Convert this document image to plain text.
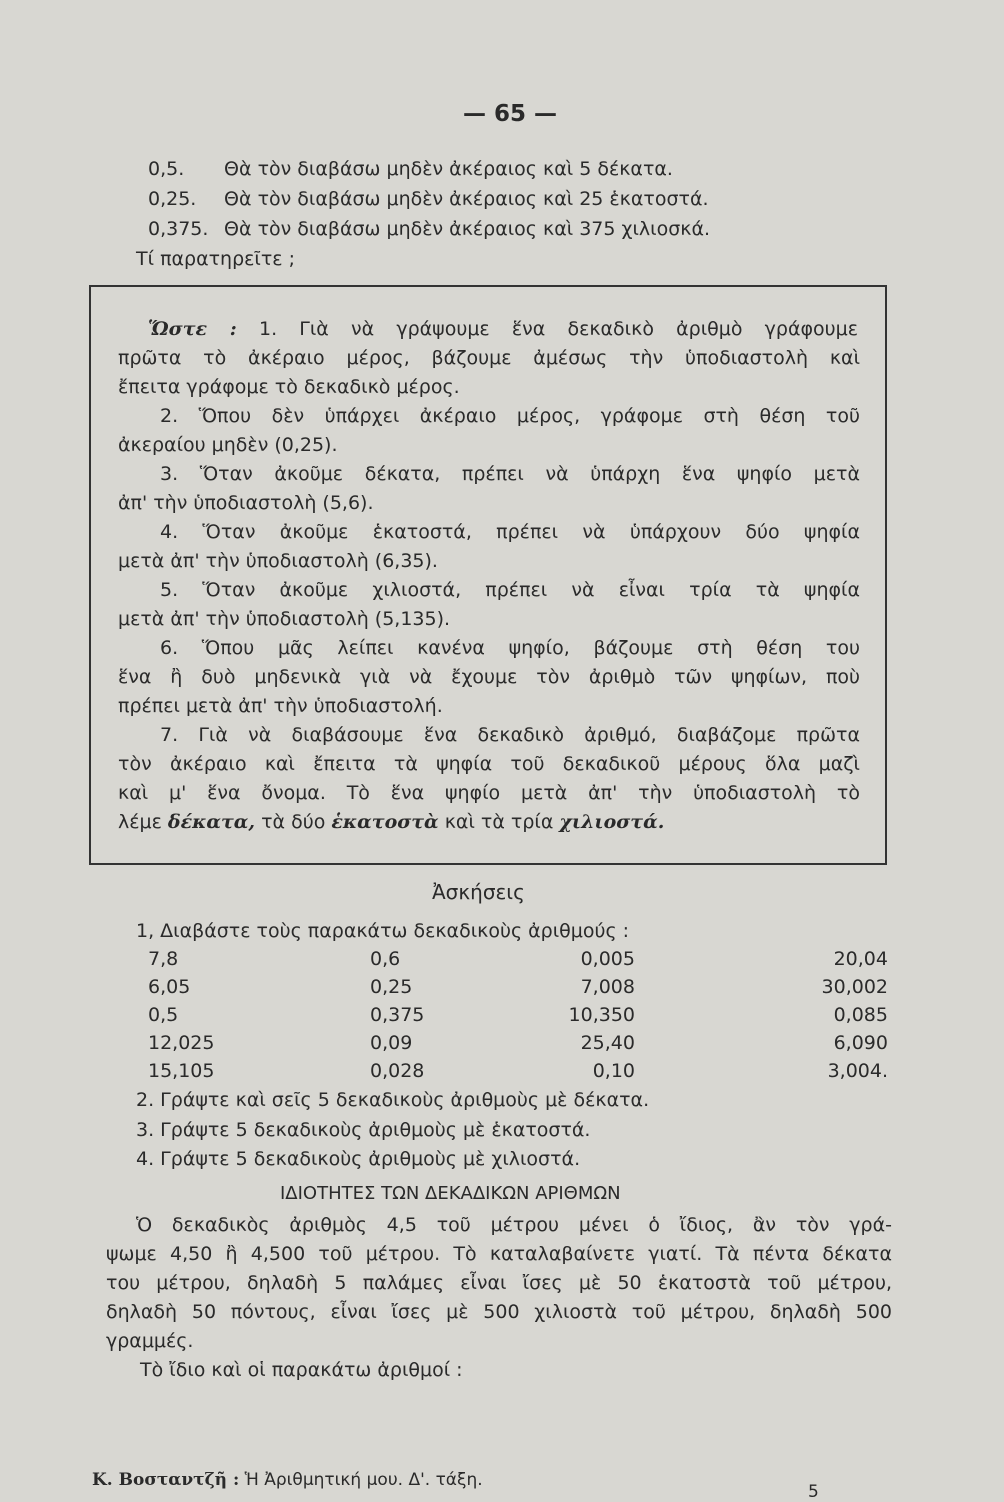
— 65 —
0,5. Θὰ τὸν διαβάσω μηδὲν ἀκέραιος καὶ 5 δέκατα.
0,25. Θὰ τὸν διαβάσω μηδὲν ἀκέραιος καὶ 25 ἑκατοστά.
0,375. Θὰ τὸν διαβάσω μηδὲν ἀκέραιος καὶ 375 χιλιοσκά.
Τί παρατηρεῖτε ;
Ὥστε : 1. Γιὰ νὰ γράψουμε ἕνα δεκαδικὸ ἀριθμὸ γράφουμε
πρῶτα τὸ ἀκέραιο μέρος, βάζουμε ἀμέσως τὴν ὑποδιαστολὴ καὶ
ἔπειτα γράφομε τὸ δεκαδικὸ μέρος.
2. Ὅπου δὲν ὑπάρχει ἀκέραιο μέρος, γράφομε στὴ θέση τοῦ
ἀκεραίου μηδὲν (0,25).
3. Ὅταν ἀκοῦμε δέκατα, πρέπει νὰ ὑπάρχη ἕνα ψηφίο μετὰ
ἀπ' τὴν ὑποδιαστολὴ (5,6).
4. Ὅταν ἀκοῦμε ἑκατοστά, πρέπει νὰ ὑπάρχουν δύο ψηφία
μετὰ ἀπ' τὴν ὑποδιαστολὴ (6,35).
5. Ὅταν ἀκοῦμε χιλιοστά, πρέπει νὰ εἶναι τρία τὰ ψηφία
μετὰ ἀπ' τὴν ὑποδιαστολὴ (5,135).
6. Ὅπου μᾶς λείπει κανένα ψηφίο, βάζουμε στὴ θέση του
ἕνα ἢ δυὸ μηδενικὰ γιὰ νὰ ἔχουμε τὸν ἀριθμὸ τῶν ψηφίων, ποὺ
πρέπει μετὰ ἀπ' τὴν ὑποδιαστολή.
7. Γιὰ νὰ διαβάσουμε ἕνα δεκαδικὸ ἀριθμό, διαβάζομε πρῶτα
τὸν ἀκέραιο καὶ ἔπειτα τὰ ψηφία τοῦ δεκαδικοῦ μέρους ὅλα μαζὶ
καὶ μ' ἕνα ὄνομα. Τὸ ἕνα ψηφίο μετὰ ἀπ' τὴν ὑποδιαστολὴ τὸ
λέμε δέκατα, τὰ δύο ἑκατοστὰ καὶ τὰ τρία χιλιοστά.
Ἀσκήσεις
1, Διαβάστε τοὺς παρακάτω δεκαδικοὺς ἀριθμούς :
7,8	0,6	0,005	20,04
6,05	0,25	7,008	30,002
0,5	0,375	10,350	0,085
12,025	0,09	25,40	6,090
15,105	0,028	0,10	3,004.
2. Γράψτε καὶ σεῖς 5 δεκαδικοὺς ἀριθμοὺς μὲ δέκατα.
3. Γράψτε 5 δεκαδικοὺς ἀριθμοὺς μὲ ἑκατοστά.
4. Γράψτε 5 δεκαδικοὺς ἀριθμοὺς μὲ χιλιοστά.
ΙΔΙΟΤΗΤΕΣ ΤΩΝ ΔΕΚΑΔΙΚΩΝ ΑΡΙΘΜΩΝ
Ὁ δεκαδικὸς ἀριθμὸς 4,5 τοῦ μέτρου μένει ὁ ἴδιος, ἂν τὸν γρά-
ψωμε 4,50 ἢ 4,500 τοῦ μέτρου. Τὸ καταλαβαίνετε γιατί. Τὰ πέντα δέκατα
του μέτρου, δηλαδὴ 5 παλάμες εἶναι ἴσες μὲ 50 ἑκατοστὰ τοῦ μέτρου,
δηλαδὴ 50 πόντους, εἶναι ἴσες μὲ 500 χιλιοστὰ τοῦ μέτρου, δηλαδὴ 500
γραμμές.
Τὸ ἴδιο καὶ οἱ παρακάτω ἀριθμοί :
Κ. Βοσταντζῆ : Ἡ Ἀριθμητική μου. Δ'. τάξη.
5
